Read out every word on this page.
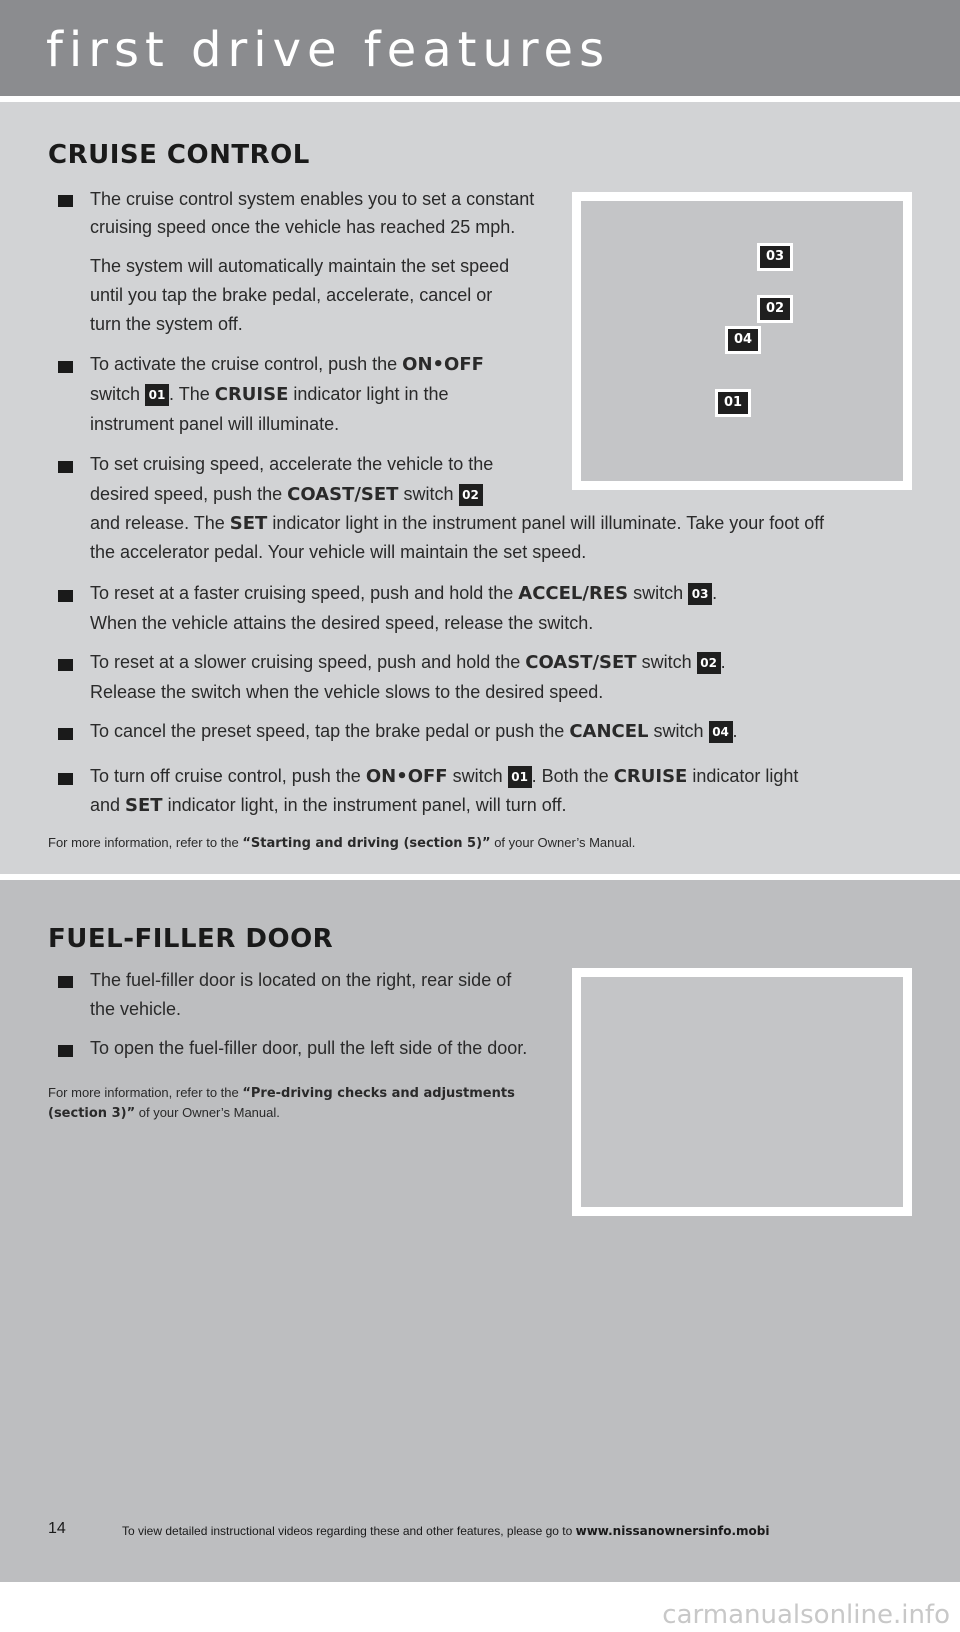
first drive features
CRUISE CONTROL
03
02
04
01
The cruise control system enables you to set a constant
cruising speed once the vehicle has reached 25 mph.
The system will automatically maintain the set speed
until you tap the brake pedal, accelerate, cancel or
turn the system off.
To activate the cruise control, push the ON•OFF
switch 01 . The CRUISE indicator light in the
instrument panel will illuminate.
To set cruising speed, accelerate the vehicle to the
desired speed, push the COAST/SET switch 02
and release. The SET indicator light in the instrument panel will illuminate. Take your foot off
the accelerator pedal. Your vehicle will maintain the set speed.
To reset at a faster cruising speed, push and hold the ACCEL/RES switch 03 .
When the vehicle attains the desired speed, release the switch.
To reset at a slower cruising speed, push and hold the COAST/SET switch 02 .
Release the switch when the vehicle slows to the desired speed.
To cancel the preset speed, tap the brake pedal or push the CANCEL switch 04 .
To turn off cruise control, push the ON•OFF switch 01 . Both the CRUISE indicator light
and SET indicator light, in the instrument panel, will turn off.
For more information, refer to the “Starting and driving (section 5)” of your Owner’s Manual.
FUEL-FILLER DOOR
The fuel-filler door is located on the right, rear side of
the vehicle.
To open the fuel-filler door, pull the left side of the door.
For more information, refer to the “Pre-driving checks and adjustments
(section 3)” of your Owner’s Manual.
14	To view detailed instructional videos regarding these and other features, please go to www.nissanownersinfo.mobi
carmanualsonline.info
